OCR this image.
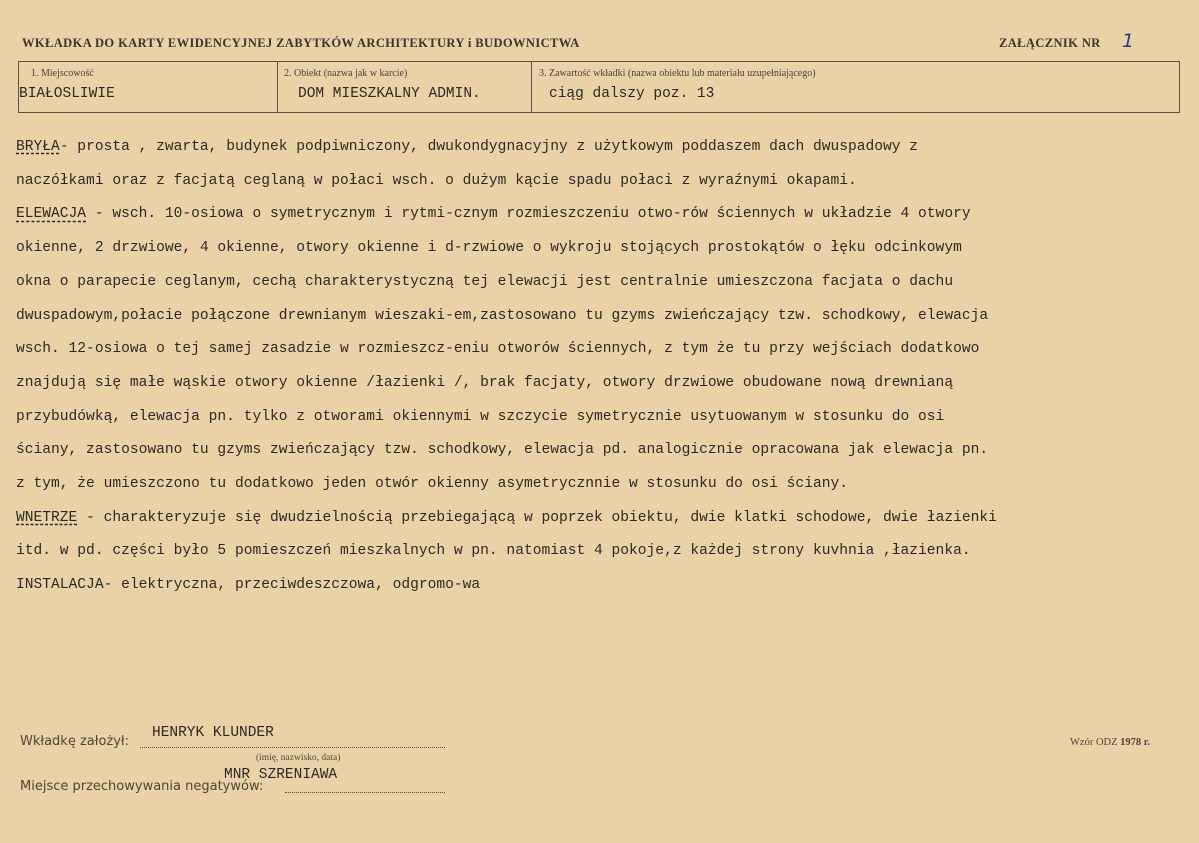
WKŁADKA DO KARTY EWIDENCYJNEJ ZABYTKÓW ARCHITEKTURY i BUDOWNICTWA	ZAŁĄCZNIK NR 1
1. Miejscowość
BIAŁOSLIWIE
2. Obiekt (nazwa jak w karcie)
DOM MIESZKALNY ADMIN.
3. Zawartość wkładki (nazwa obiektu lub materiału uzupełniającego)
ciąg dalszy poz. 13
BRYŁA- prosta , zwarta, budynek podpiwniczony, dwukondygnacyjny z użytkowym poddaszem dach dwuspadowy z
naczółkami oraz z facjatą ceglaną w połaci wsch. o dużym kącie spadu połaci z wyraźnymi okapami.
ELEWACJA - wsch. 10-osiowa o symetrycznym i rytmi-cznym rozmieszczeniu otwo-rów ściennych w układzie 4 otwory
okienne, 2 drzwiowe, 4 okienne, otwory okienne i d-rzwiowe o wykroju stojących prostokątów o łęku odcinkowym
okna o parapecie ceglanym, cechą charakterystyczną tej elewacji jest centralnie umieszczona facjata o dachu
dwuspadowym,połacie połączone drewnianym wieszaki-em,zastosowano tu gzyms zwieńczający tzw. schodkowy, elewacja
wsch. 12-osiowa o tej samej zasadzie w rozmieszcz-eniu otworów ściennych, z tym że tu przy wejściach dodatkowo
znajdują się małe wąskie otwory okienne /łazienki /, brak facjaty, otwory drzwiowe obudowane nową drewnianą
przybudówką, elewacja pn. tylko z otworami okiennymi w szczycie symetrycznie usytuowanym w stosunku do osi
ściany, zastosowano tu gzyms zwieńczający tzw. schodkowy, elewacja pd. analogicznie opracowana jak elewacja pn.
z tym, że umieszczono tu dodatkowo jeden otwór okienny asymetrycznnie w stosunku do osi ściany.
WNETRZE - charakteryzuje się dwudzielnością przebiegającą w poprzek obiektu, dwie klatki schodowe, dwie łazienki
itd. w pd. części było 5 pomieszczeń mieszkalnych w pn. natomiast 4 pokoje,z każdej strony kuvhnia ,łazienka.
INSTALACJA- elektryczna, przeciwdeszczowa, odgromo-wa
Wkładkę założył:
HENRYK KLUNDER
(imię, nazwisko, data)
Miejsce przechowywania negatywów:
MNR SZRENIAWA
Wzór ODZ 1978 r.
